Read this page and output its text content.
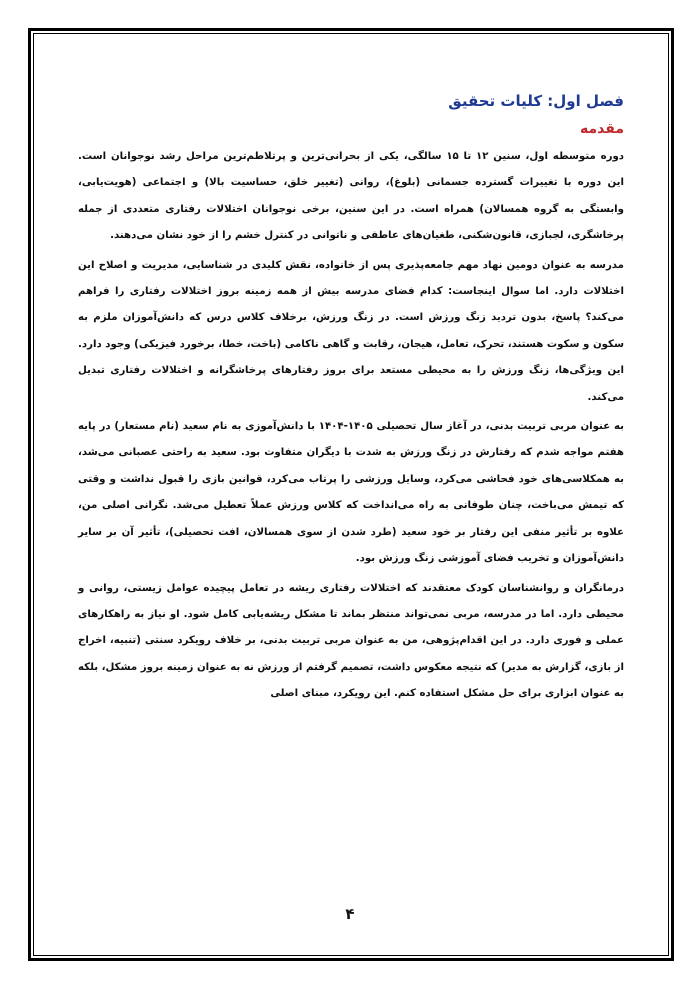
فصل اول: کلیات تحقیق
مقدمه

دوره متوسطه اول، سنین ۱۲ تا ۱۵ سالگی، یکی از بحرانی‌ترین و پرتلاطم‌ترین مراحل رشد نوجوانان است. این دوره با تغییرات گسترده جسمانی (بلوغ)، روانی (تغییر خلق، حساسیت بالا) و اجتماعی (هویت‌یابی، وابستگی به گروه همسالان) همراه است. در این سنین، برخی نوجوانان اختلالات رفتاری متعددی از جمله پرخاشگری، لجبازی، قانون‌شکنی، طغیان‌های عاطفی و ناتوانی در کنترل خشم را از خود نشان می‌دهند.

مدرسه به عنوان دومین نهاد مهم جامعه‌پذیری پس از خانواده، نقش کلیدی در شناسایی، مدیریت و اصلاح این اختلالات دارد. اما سوال اینجاست: کدام فضای مدرسه بیش از همه زمینه بروز اختلالات رفتاری را فراهم می‌کند؟ پاسخ، بدون تردید زنگ ورزش است. در زنگ ورزش، برخلاف کلاس درس که دانش‌آموزان ملزم به سکون و سکوت هستند، تحرک، تعامل، هیجان، رقابت و گاهی ناکامی (باخت، خطا، برخورد فیزیکی) وجود دارد. این ویژگی‌ها، زنگ ورزش را به محیطی مستعد برای بروز رفتارهای پرخاشگرانه و اختلالات رفتاری تبدیل می‌کند.

به عنوان مربی تربیت بدنی، در آغاز سال تحصیلی ۱۴۰۵-۱۴۰۴ با دانش‌آموزی به نام سعید (نام مستعار) در پایه هفتم مواجه شدم که رفتارش در زنگ ورزش به شدت با دیگران متفاوت بود. سعید به راحتی عصبانی می‌شد، به همکلاسی‌های خود فحاشی می‌کرد، وسایل ورزشی را پرتاب می‌کرد، قوانین بازی را قبول نداشت و وقتی که تیمش می‌باخت، چنان طوفانی به راه می‌انداخت که کلاس ورزش عملاً تعطیل می‌شد. نگرانی اصلی من، علاوه بر تأثیر منفی این رفتار بر خود سعید (طرد شدن از سوی همسالان، افت تحصیلی)، تأثیر آن بر سایر دانش‌آموزان و تخریب فضای آموزشی زنگ ورزش بود.

درمانگران و روانشناسان کودک معتقدند که اختلالات رفتاری ریشه در تعامل پیچیده عوامل زیستی، روانی و محیطی دارد. اما در مدرسه، مربی نمی‌تواند منتظر بماند تا مشکل ریشه‌یابی کامل شود. او نیاز به راهکارهای عملی و فوری دارد. در این اقدام‌پژوهی، من به عنوان مربی تربیت بدنی، بر خلاف رویکرد سنتی (تنبیه، اخراج از بازی، گزارش به مدیر) که نتیجه معکوس داشت، تصمیم گرفتم از ورزش نه به عنوان زمینه بروز مشکل، بلکه به عنوان ابزاری برای حل مشکل استفاده کنم. این رویکرد، مبنای اصلی

۴
